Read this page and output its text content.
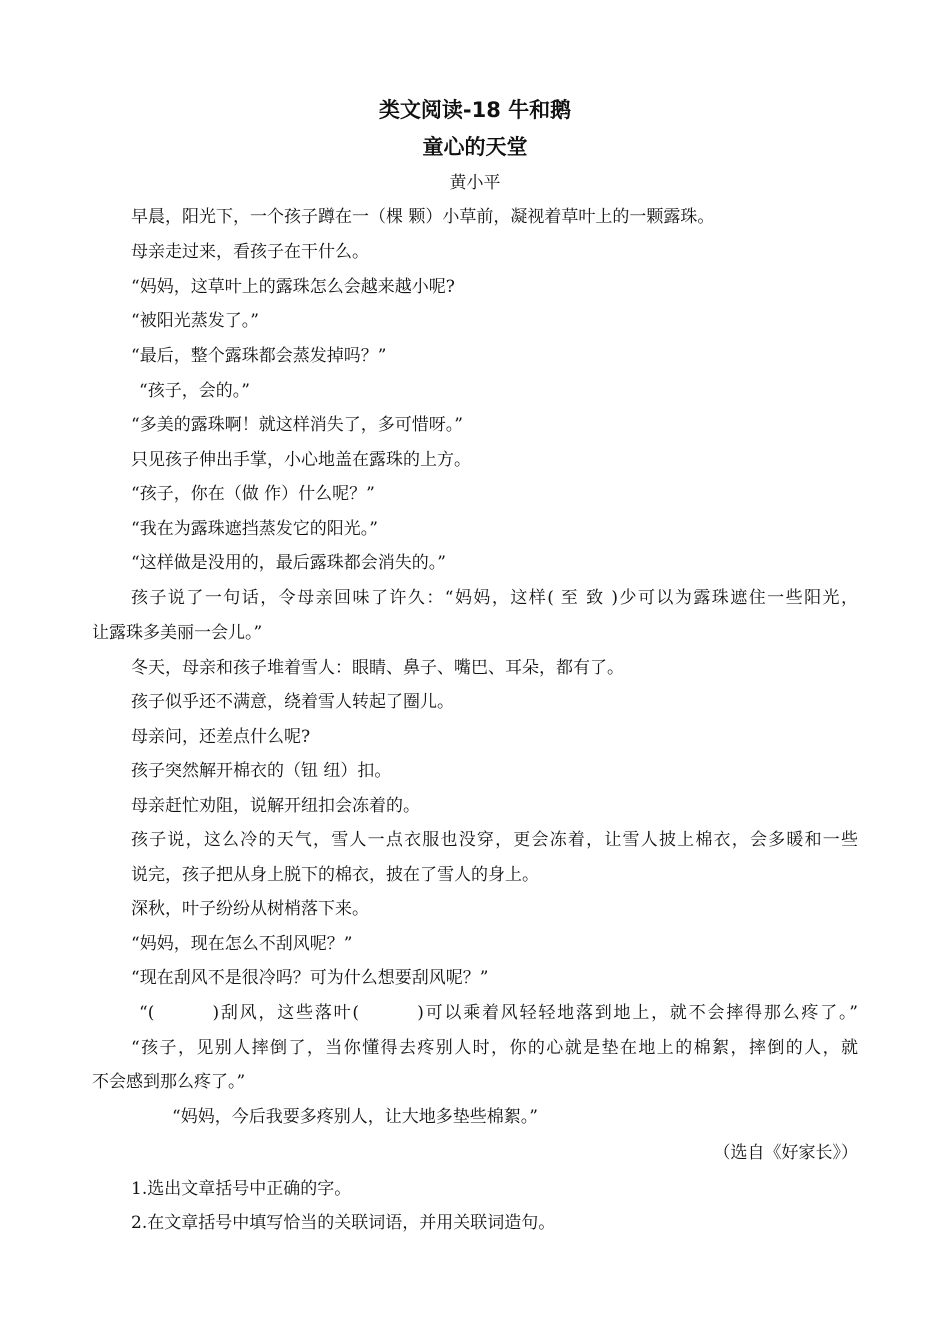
类文阅读-18 牛和鹅
童心的天堂
黄小平
早晨，阳光下，一个孩子蹲在一（棵 颗）小草前，凝视着草叶上的一颗露珠。
母亲走过来，看孩子在干什么。
“妈妈，这草叶上的露珠怎么会越来越小呢?
“被阳光蒸发了。”
“最后，整个露珠都会蒸发掉吗？”
“孩子，会的。”
“多美的露珠啊！就这样消失了，多可惜呀。”
只见孩子伸出手掌，小心地盖在露珠的上方。
“孩子，你在（做 作）什么呢？”
“我在为露珠遮挡蒸发它的阳光。”
“这样做是没用的，最后露珠都会消失的。”
孩子说了一句话，令母亲回味了许久：“妈妈，这样( 至 致 )少可以为露珠遮住一些阳光，
让露珠多美丽一会儿。”
冬天，母亲和孩子堆着雪人：眼睛、鼻子、嘴巴、耳朵，都有了。
孩子似乎还不满意，绕着雪人转起了圈儿。
母亲问，还差点什么呢?
孩子突然解开棉衣的（钮 纽）扣。
母亲赶忙劝阻，说解开纽扣会冻着的。
孩子说，这么冷的天气，雪人一点衣服也没穿，更会冻着，让雪人披上棉衣，会多暖和一些
说完，孩子把从身上脱下的棉衣，披在了雪人的身上。
深秋，叶子纷纷从树梢落下来。
“妈妈，现在怎么不刮风呢？”
“现在刮风不是很冷吗？可为什么想要刮风呢？”
“(　　　)刮风，这些落叶(　　　)可以乘着风轻轻地落到地上，就不会摔得那么疼了。”
“孩子，见别人摔倒了，当你懂得去疼别人时，你的心就是垫在地上的棉絮，摔倒的人，就
不会感到那么疼了。”
“妈妈，今后我要多疼别人，让大地多垫些棉絮。”
（选自《好家长》）
1.选出文章括号中正确的字。
2.在文章括号中填写恰当的关联词语，并用关联词造句。
